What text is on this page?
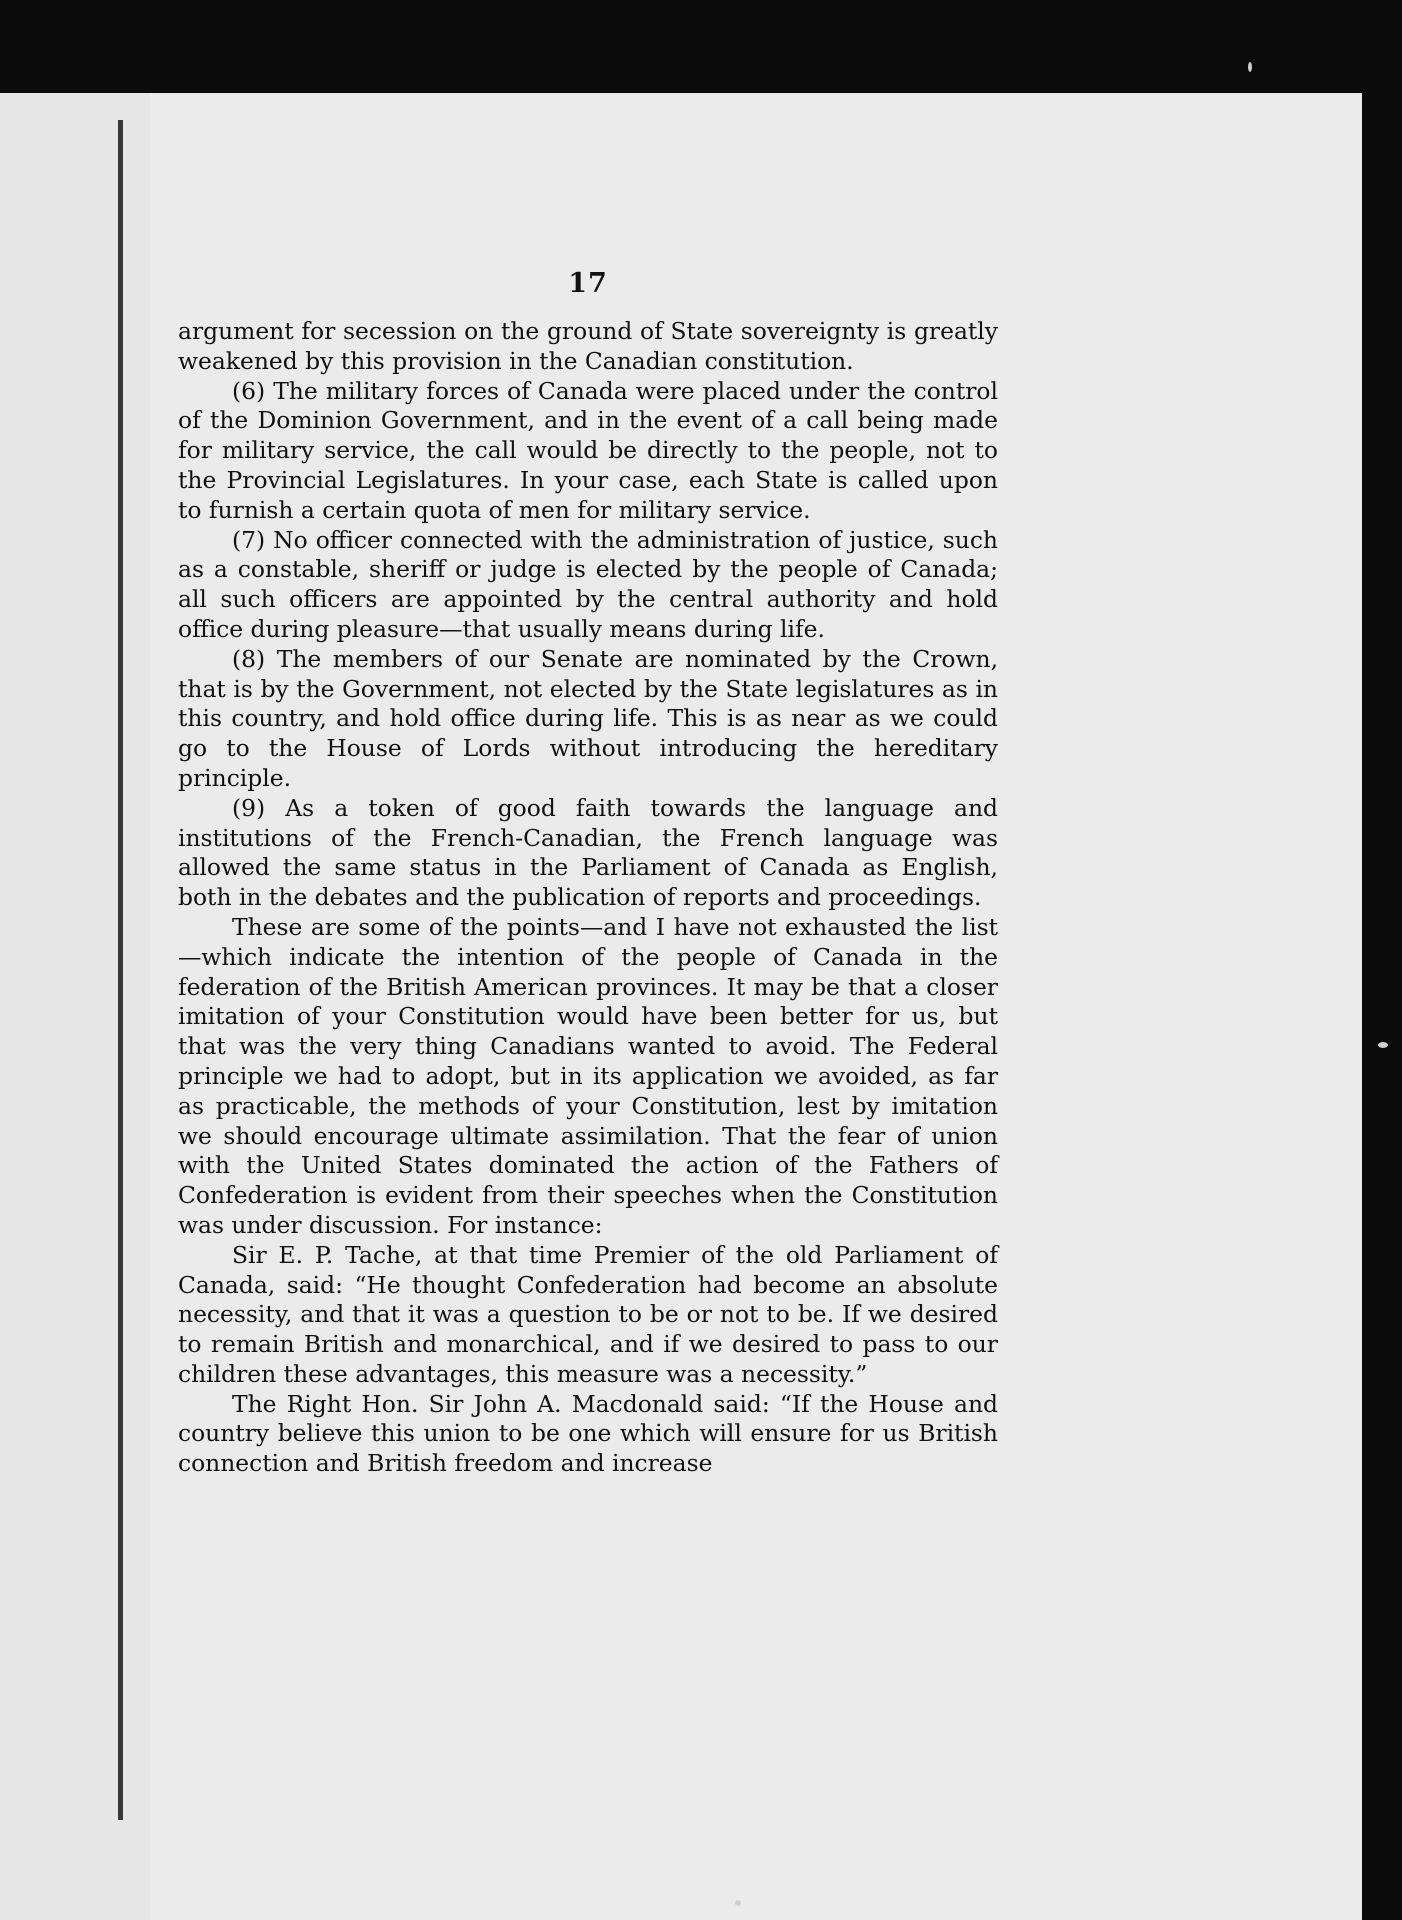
17

argument for secession on the ground of State sovereignty is greatly weakened by this provision in the Canadian constitution.

(6) The military forces of Canada were placed under the control of the Dominion Government, and in the event of a call being made for military service, the call would be directly to the people, not to the Provincial Legislatures. In your case, each State is called upon to furnish a certain quota of men for military service.

(7) No officer connected with the administration of justice, such as a constable, sheriff or judge is elected by the people of Canada; all such officers are appointed by the central authority and hold office during pleasure—that usually means during life.

(8) The members of our Senate are nominated by the Crown, that is by the Government, not elected by the State legislatures as in this country, and hold office during life. This is as near as we could go to the House of Lords without introducing the hereditary principle.

(9) As a token of good faith towards the language and institutions of the French-Canadian, the French language was allowed the same status in the Parliament of Canada as English, both in the debates and the publication of reports and proceedings.

These are some of the points—and I have not exhausted the list—which indicate the intention of the people of Canada in the federation of the British American provinces. It may be that a closer imitation of your Constitution would have been better for us, but that was the very thing Canadians wanted to avoid. The Federal principle we had to adopt, but in its application we avoided, as far as practicable, the methods of your Constitution, lest by imitation we should encourage ultimate assimilation. That the fear of union with the United States dominated the action of the Fathers of Confederation is evident from their speeches when the Constitution was under discussion. For instance:

Sir E. P. Tache, at that time Premier of the old Parliament of Canada, said: “He thought Confederation had become an absolute necessity, and that it was a question to be or not to be. If we desired to remain British and monarchical, and if we desired to pass to our children these advantages, this measure was a necessity.”

The Right Hon. Sir John A. Macdonald said: “If the House and country believe this union to be one which will ensure for us British connection and British freedom and increase
